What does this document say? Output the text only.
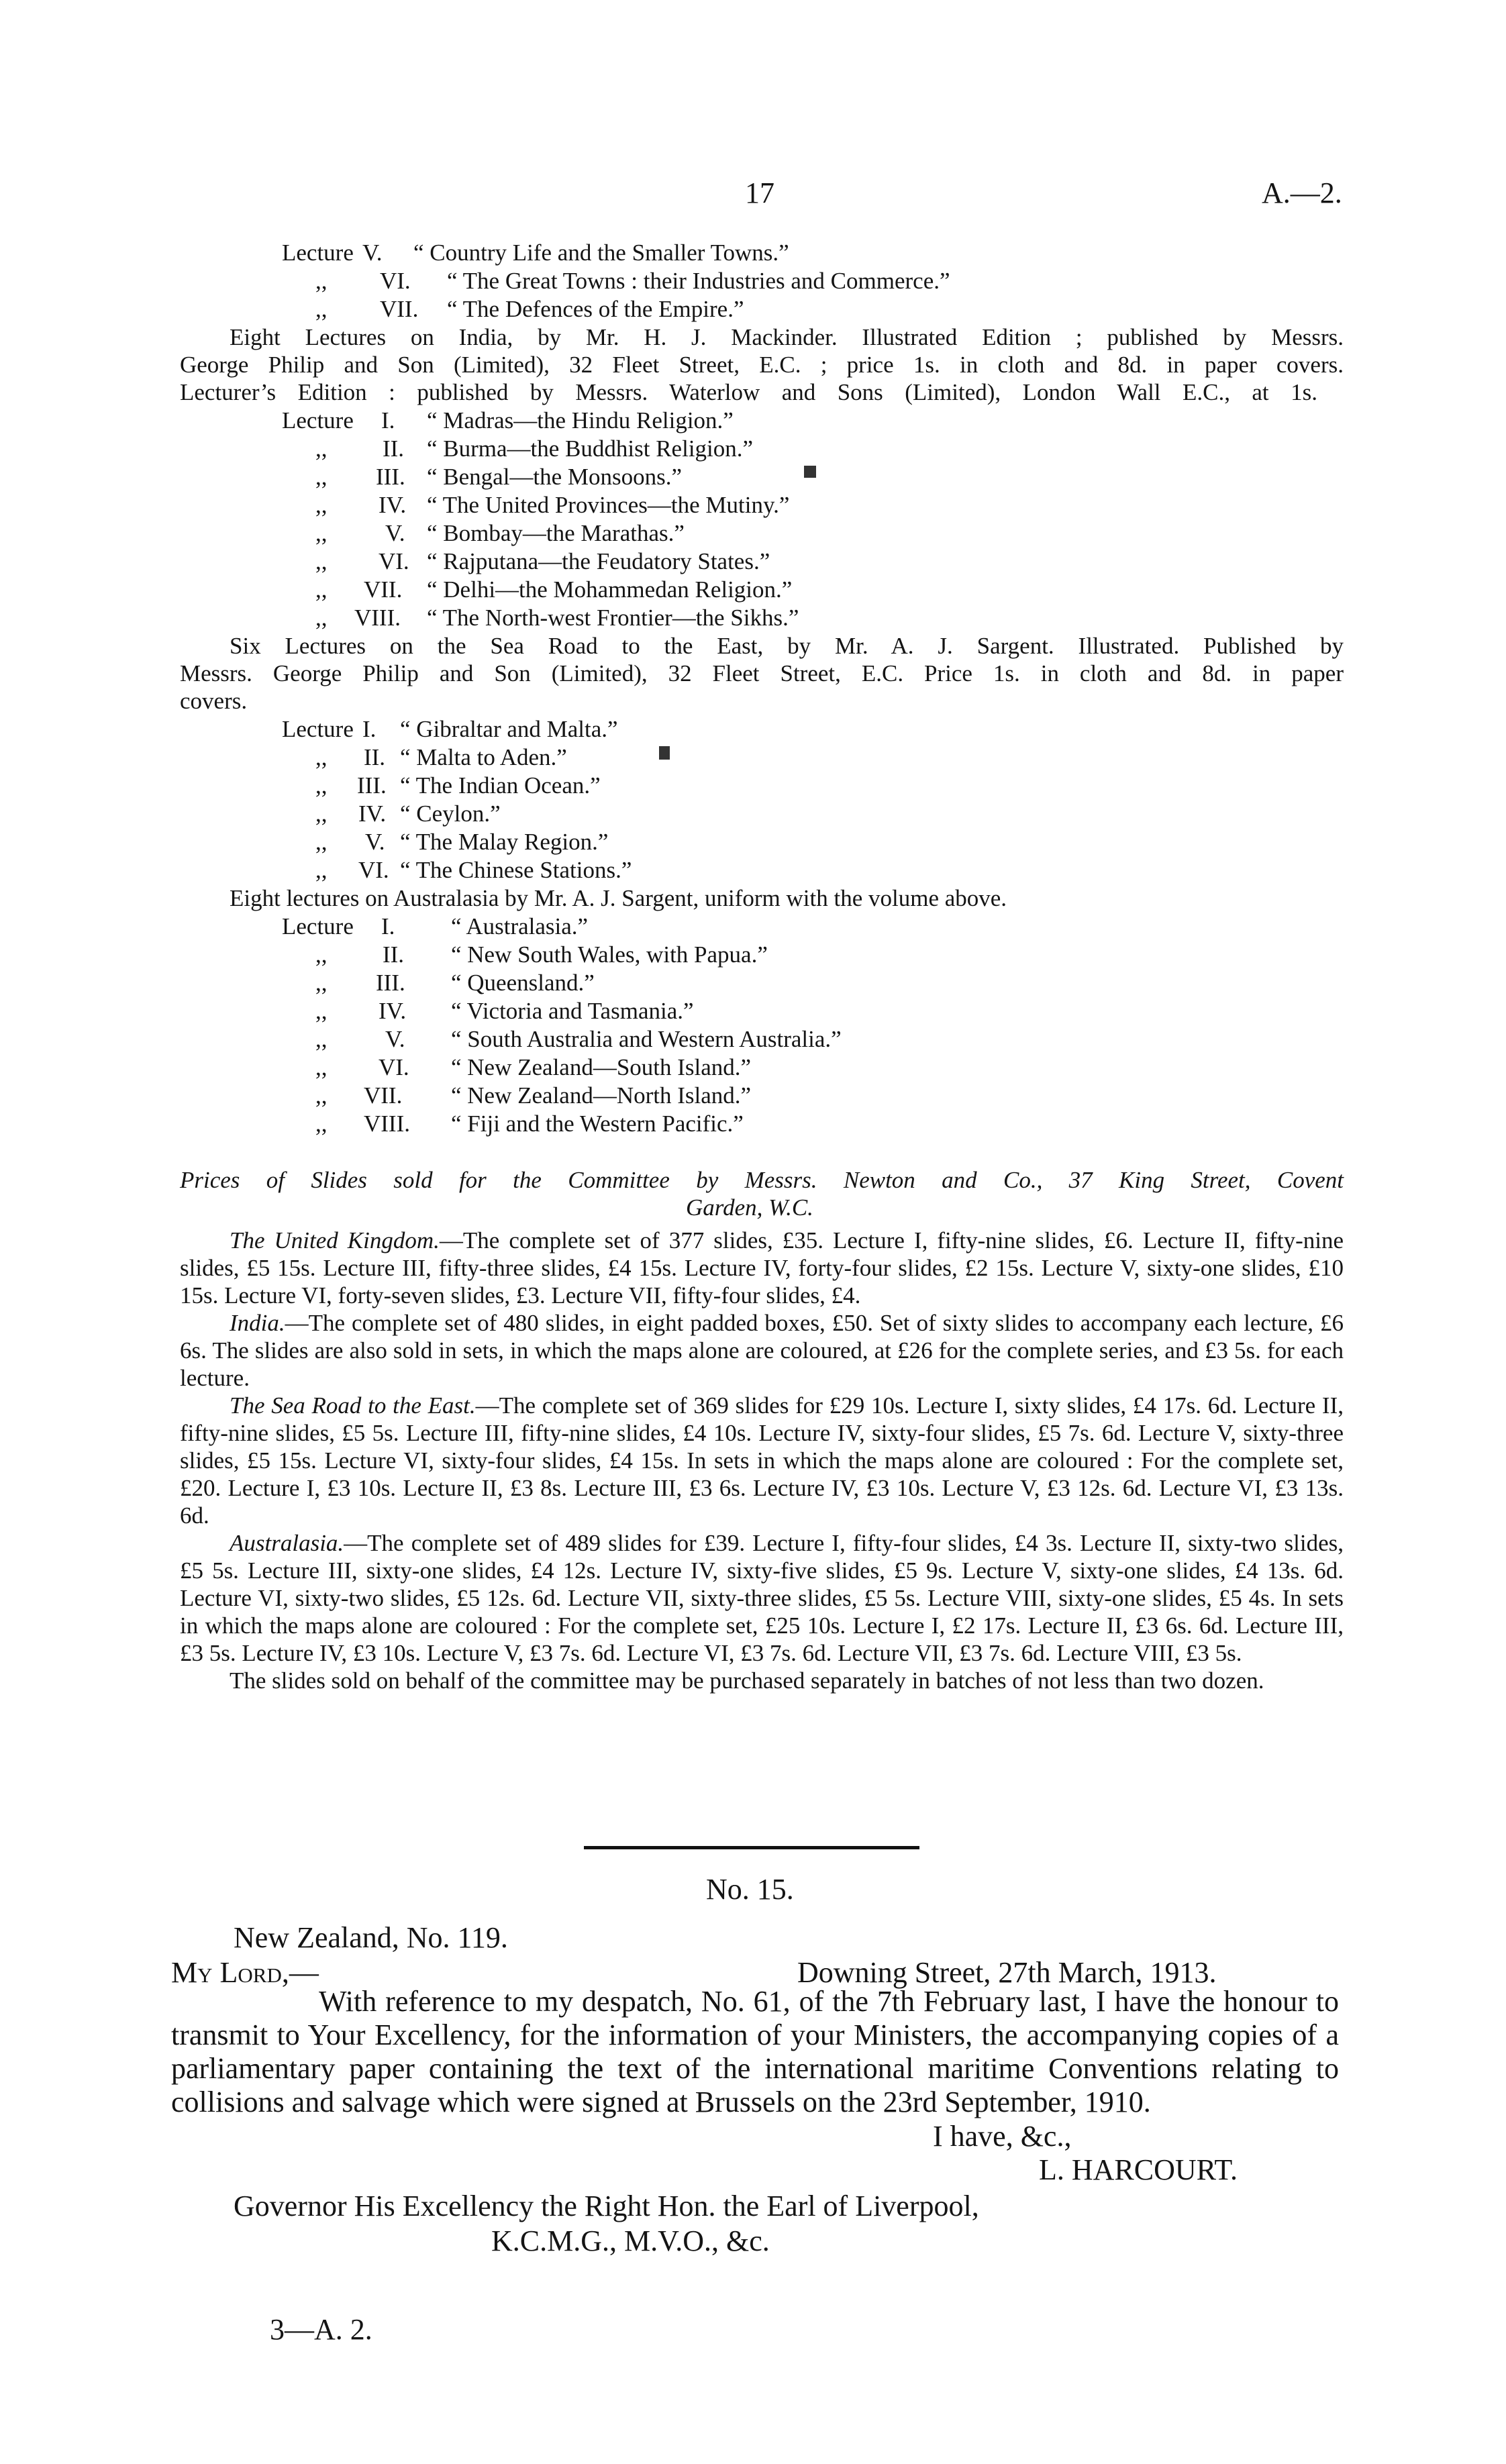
17	A.—2.
Lecture V. “ Country Life and the Smaller Towns.”
,, VI. “ The Great Towns : their Industries and Commerce.”
,, VII. “ The Defences of the Empire.”
Eight Lectures on India, by Mr. H. J. Mackinder. Illustrated Edition ; published by Messrs.
George Philip and Son (Limited), 32 Fleet Street, E.C. ; price 1s. in cloth and 8d. in paper covers.
Lecturer’s Edition : published by Messrs. Waterlow and Sons (Limited), London Wall E.C., at 1s.
Lecture I. “ Madras—the Hindu Religion.”
,, II. “ Burma—the Buddhist Religion.”
,, III. “ Bengal—the Monsoons.”
,, IV. “ The United Provinces—the Mutiny.”
,, V. “ Bombay—the Marathas.”
,, VI. “ Rajputana—the Feudatory States.”
,, VII. “ Delhi—the Mohammedan Religion.”
,, VIII. “ The North-west Frontier—the Sikhs.”
Six Lectures on the Sea Road to the East, by Mr. A. J. Sargent. Illustrated. Published by
Messrs. George Philip and Son (Limited), 32 Fleet Street, E.C. Price 1s. in cloth and 8d. in paper
covers.
Lecture I. “ Gibraltar and Malta.”
,, II. “ Malta to Aden.”
,, III. “ The Indian Ocean.”
,, IV. “ Ceylon.”
,, V. “ The Malay Region.”
,, VI. “ The Chinese Stations.”
Eight lectures on Australasia by Mr. A. J. Sargent, uniform with the volume above.
Lecture I. “ Australasia.”
,, II. “ New South Wales, with Papua.”
,, III. “ Queensland.”
,, IV. “ Victoria and Tasmania.”
,, V. “ South Australia and Western Australia.”
,, VI. “ New Zealand—South Island.”
,, VII. “ New Zealand—North Island.”
,, VIII. “ Fiji and the Western Pacific.”
Prices of Slides sold for the Committee by Messrs. Newton and Co., 37 King Street, Covent
Garden, W.C.

The United Kingdom.—The complete set of 377 slides, £35. Lecture I, fifty-nine slides, £6. Lecture II, fifty-nine slides, £5 15s. Lecture III, fifty-three slides, £4 15s. Lecture IV, forty-four slides, £2 15s. Lecture V, sixty-one slides, £10 15s. Lecture VI, forty-seven slides, £3. Lecture VII, fifty-four slides, £4.

India.—The complete set of 480 slides, in eight padded boxes, £50. Set of sixty slides to accompany each lecture, £6 6s. The slides are also sold in sets, in which the maps alone are coloured, at £26 for the complete series, and £3 5s. for each lecture.

The Sea Road to the East.—The complete set of 369 slides for £29 10s. Lecture I, sixty slides, £4 17s. 6d. Lecture II, fifty-nine slides, £5 5s. Lecture III, fifty-nine slides, £4 10s. Lecture IV, sixty-four slides, £5 7s. 6d. Lecture V, sixty-three slides, £5 15s. Lecture VI, sixty-four slides, £4 15s. In sets in which the maps alone are coloured : For the complete set, £20. Lecture I, £3 10s. Lecture II, £3 8s. Lecture III, £3 6s. Lecture IV, £3 10s. Lecture V, £3 12s. 6d. Lecture VI, £3 13s. 6d.

Australasia.—The complete set of 489 slides for £39. Lecture I, fifty-four slides, £4 3s. Lecture II, sixty-two slides, £5 5s. Lecture III, sixty-one slides, £4 12s. Lecture IV, sixty-five slides, £5 9s. Lecture V, sixty-one slides, £4 13s. 6d. Lecture VI, sixty-two slides, £5 12s. 6d. Lecture VII, sixty-three slides, £5 5s. Lecture VIII, sixty-one slides, £5 4s. In sets in which the maps alone are coloured : For the complete set, £25 10s. Lecture I, £2 17s. Lecture II, £3 6s. 6d. Lecture III, £3 5s. Lecture IV, £3 10s. Lecture V, £3 7s. 6d. Lecture VI, £3 7s. 6d. Lecture VII, £3 7s. 6d. Lecture VIII, £3 5s.

The slides sold on behalf of the committee may be purchased separately in batches of not less than two dozen.

No. 15.
New Zealand, No. 119.
My Lord,—	Downing Street, 27th March, 1913.
With reference to my despatch, No. 61, of the 7th February last, I have the honour to transmit to Your Excellency, for the information of your Ministers, the accompanying copies of a parliamentary paper containing the text of the international maritime Conventions relating to collisions and salvage which were signed at Brussels on the 23rd September, 1910.
I have, &c.,
L. HARCOURT.
Governor His Excellency the Right Hon. the Earl of Liverpool,
K.C.M.G., M.V.O., &c.
3—A. 2.
